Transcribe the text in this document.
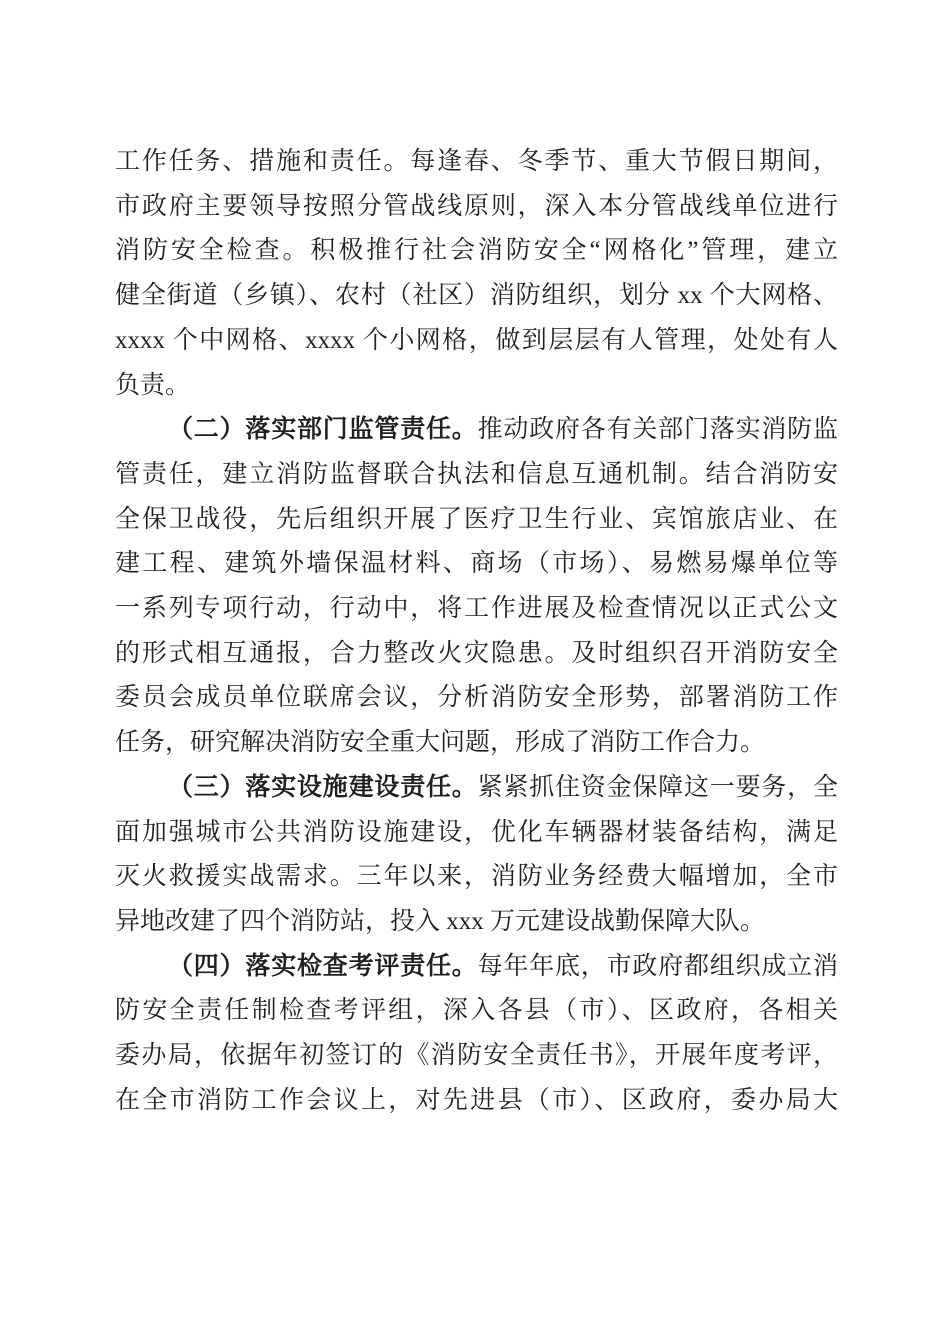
工作任务、措施和责任。每逢春、冬季节、重大节假日期间，
市政府主要领导按照分管战线原则，深入本分管战线单位进行
消防安全检查。积极推行社会消防安全“网格化”管理，建立
健全街道（乡镇）、农村（社区）消防组织，划分 xx 个大网格、
xxxx 个中网格、xxxx 个小网格，做到层层有人管理，处处有人
负责。
（二）落实部门监管责任。推动政府各有关部门落实消防监
管责任，建立消防监督联合执法和信息互通机制。结合消防安
全保卫战役，先后组织开展了医疗卫生行业、宾馆旅店业、在
建工程、建筑外墙保温材料、商场（市场）、易燃易爆单位等
一系列专项行动，行动中，将工作进展及检查情况以正式公文
的形式相互通报，合力整改火灾隐患。及时组织召开消防安全
委员会成员单位联席会议，分析消防安全形势，部署消防工作
任务，研究解决消防安全重大问题，形成了消防工作合力。
（三）落实设施建设责任。紧紧抓住资金保障这一要务，全
面加强城市公共消防设施建设，优化车辆器材装备结构，满足
灭火救援实战需求。三年以来，消防业务经费大幅增加，全市
异地改建了四个消防站，投入 xxx 万元建设战勤保障大队。
（四）落实检查考评责任。每年年底，市政府都组织成立消
防安全责任制检查考评组，深入各县（市）、区政府，各相关
委办局，依据年初签订的《消防安全责任书》，开展年度考评，
在全市消防工作会议上，对先进县（市）、区政府，委办局大
